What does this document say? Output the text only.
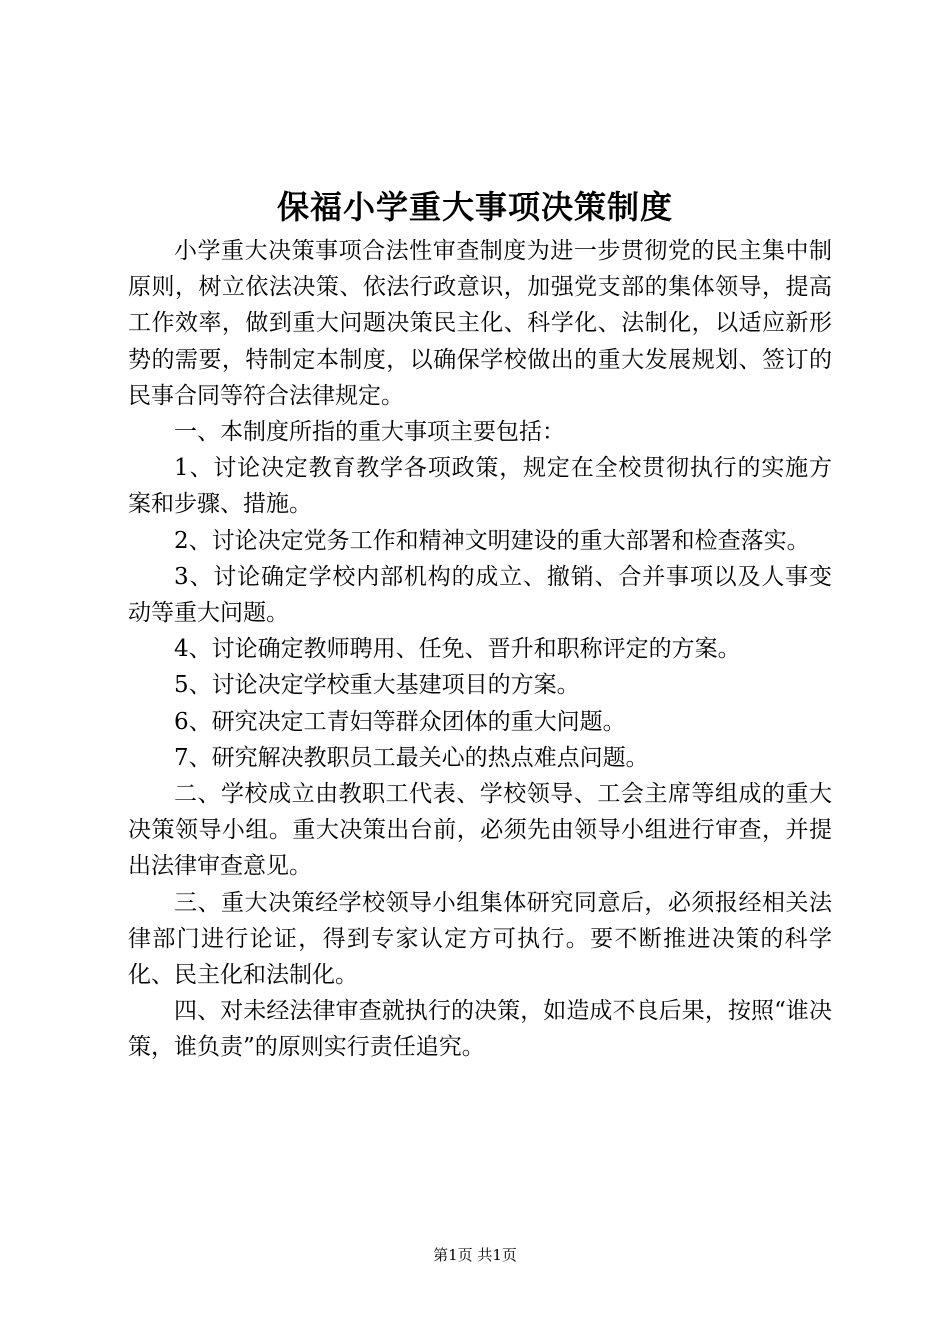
保福小学重大事项决策制度

小学重大决策事项合法性审查制度为进一步贯彻党的民主集中制原则，树立依法决策、依法行政意识，加强党支部的集体领导，提高工作效率，做到重大问题决策民主化、科学化、法制化，以适应新形势的需要，特制定本制度，以确保学校做出的重大发展规划、签订的民事合同等符合法律规定。

一、本制度所指的重大事项主要包括：

1、讨论决定教育教学各项政策，规定在全校贯彻执行的实施方案和步骤、措施。

2、讨论决定党务工作和精神文明建设的重大部署和检查落实。

3、讨论确定学校内部机构的成立、撤销、合并事项以及人事变动等重大问题。

4、讨论确定教师聘用、任免、晋升和职称评定的方案。

5、讨论决定学校重大基建项目的方案。

6、研究决定工青妇等群众团体的重大问题。

7、研究解决教职员工最关心的热点难点问题。

二、学校成立由教职工代表、学校领导、工会主席等组成的重大决策领导小组。重大决策出台前，必须先由领导小组进行审查，并提出法律审查意见。

三、重大决策经学校领导小组集体研究同意后，必须报经相关法律部门进行论证，得到专家认定方可执行。要不断推进决策的科学化、民主化和法制化。

四、对未经法律审查就执行的决策，如造成不良后果，按照“谁决策，谁负责”的原则实行责任追究。

第1页 共1页
